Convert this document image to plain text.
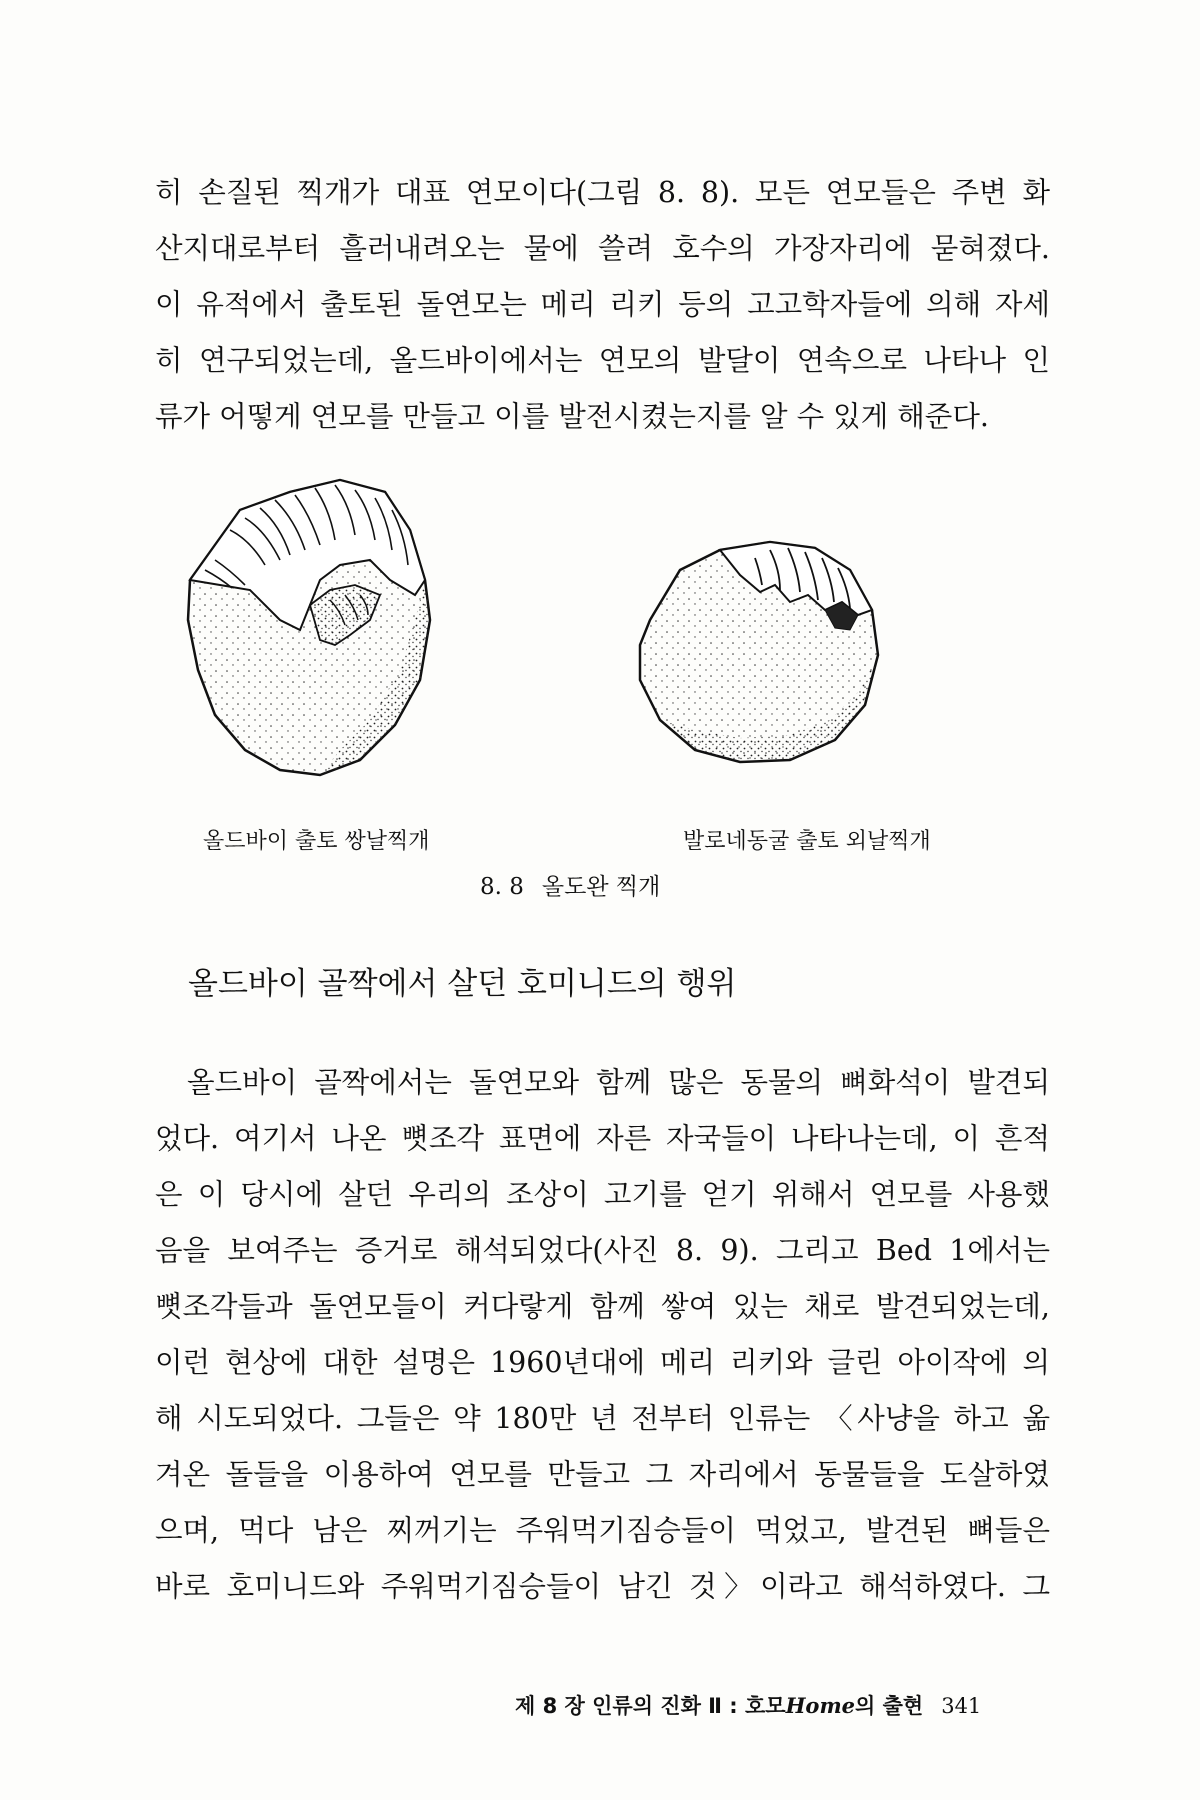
히 손질된 찍개가 대표 연모이다(그림 8. 8). 모든 연모들은 주변 화
산지대로부터 흘러내려오는 물에 쓸려 호수의 가장자리에 묻혀졌다.
이 유적에서 출토된 돌연모는 메리 리키 등의 고고학자들에 의해 자세
히 연구되었는데, 올드바이에서는 연모의 발달이 연속으로 나타나 인
류가 어떻게 연모를 만들고 이를 발전시켰는지를 알 수 있게 해준다.
올드바이 출토 쌍날찍개	발로네동굴 출토 외날찍개
8. 8 올도완 찍개
올드바이 골짝에서 살던 호미니드의 행위
올드바이 골짝에서는 돌연모와 함께 많은 동물의 뼈화석이 발견되
었다. 여기서 나온 뼛조각 표면에 자른 자국들이 나타나는데, 이 흔적
은 이 당시에 살던 우리의 조상이 고기를 얻기 위해서 연모를 사용했
음을 보여주는 증거로 해석되었다(사진 8. 9). 그리고 Bed 1에서는
뼛조각들과 돌연모들이 커다랗게 함께 쌓여 있는 채로 발견되었는데,
이런 현상에 대한 설명은 1960년대에 메리 리키와 글린 아이작에 의
해 시도되었다. 그들은 약 180만 년 전부터 인류는 〈사냥을 하고 옮
겨온 돌들을 이용하여 연모를 만들고 그 자리에서 동물들을 도살하였
으며, 먹다 남은 찌꺼기는 주워먹기짐승들이 먹었고, 발견된 뼈들은
바로 호미니드와 주워먹기짐승들이 남긴 것〉이라고 해석하였다. 그
제 8 장 인류의 진화 Ⅱ : 호모Home의 출현 341
